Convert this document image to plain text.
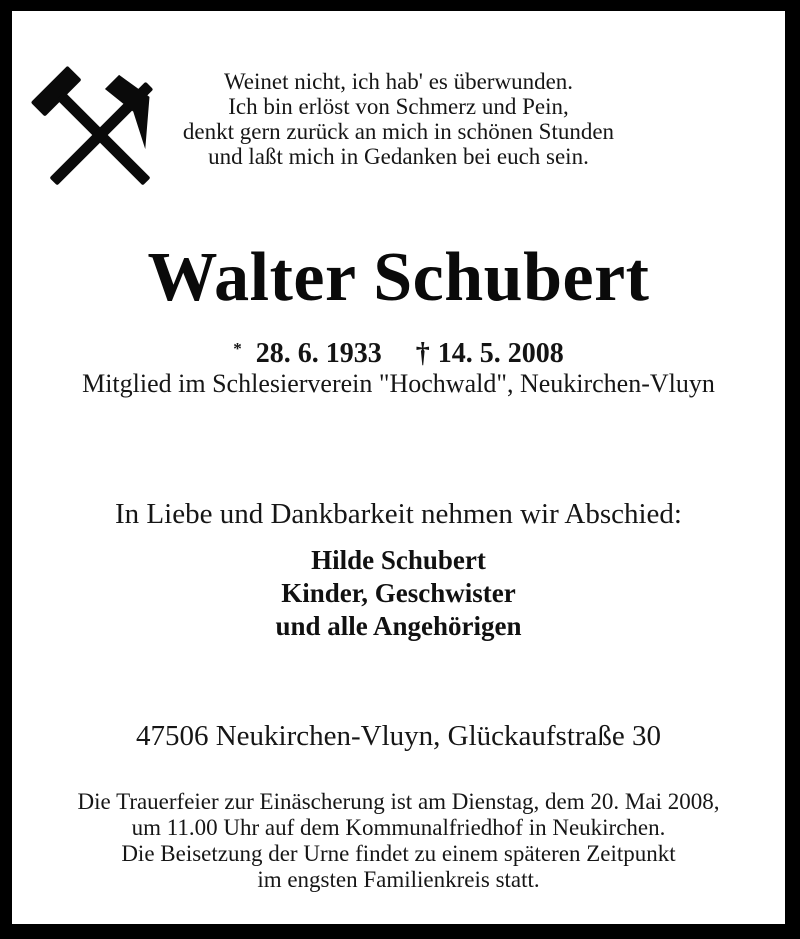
Weinet nicht, ich hab' es überwunden.
Ich bin erlöst von Schmerz und Pein,
denkt gern zurück an mich in schönen Stunden
und laßt mich in Gedanken bei euch sein.
Walter Schubert
* 28. 6. 1933 † 14. 5. 2008
Mitglied im Schlesierverein "Hochwald", Neukirchen-Vluyn
In Liebe und Dankbarkeit nehmen wir Abschied:
Hilde Schubert
Kinder, Geschwister
und alle Angehörigen
47506 Neukirchen-Vluyn, Glückaufstraße 30
Die Trauerfeier zur Einäscherung ist am Dienstag, dem 20. Mai 2008,
um 11.00 Uhr auf dem Kommunalfriedhof in Neukirchen.
Die Beisetzung der Urne findet zu einem späteren Zeitpunkt
im engsten Familienkreis statt.
